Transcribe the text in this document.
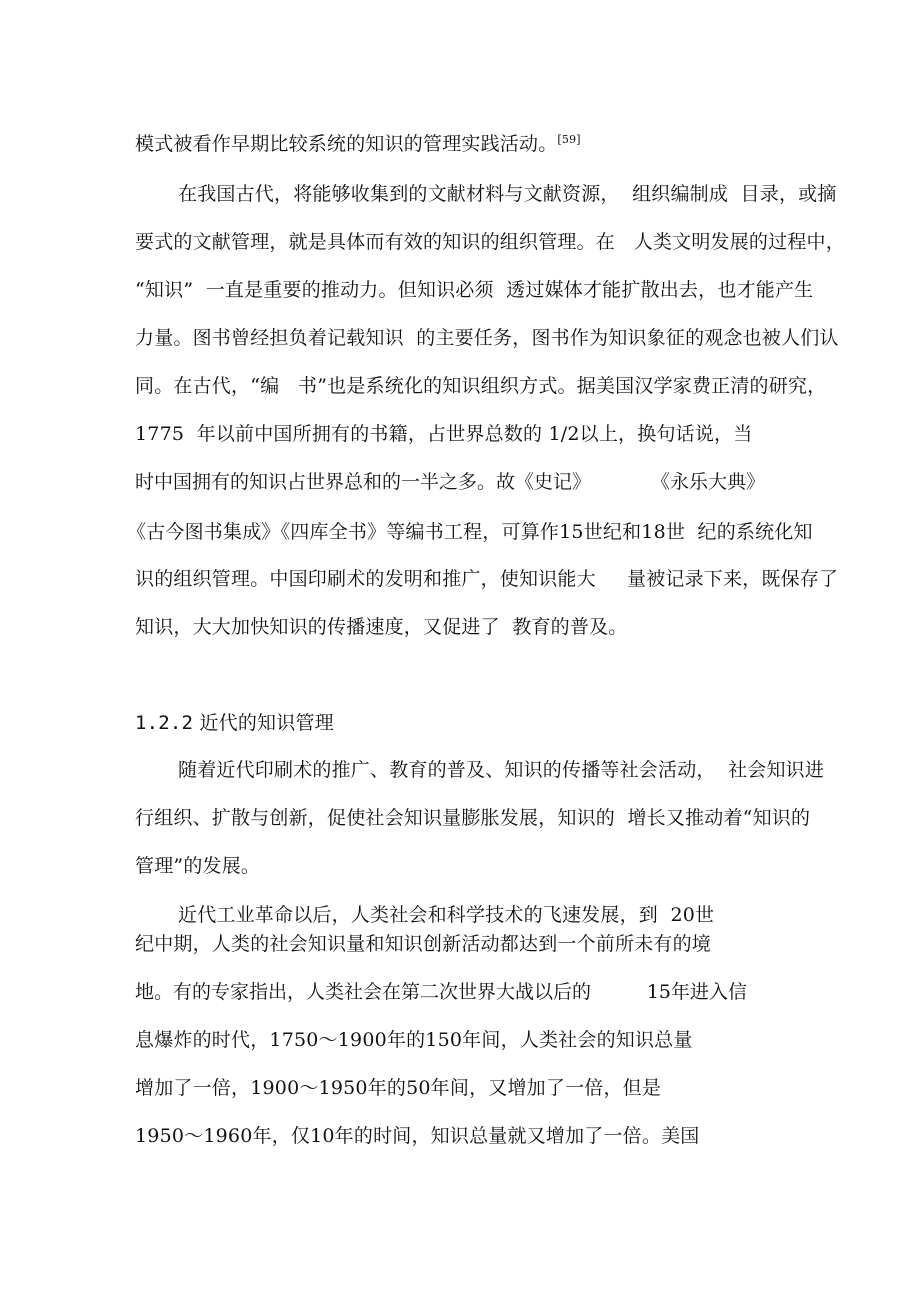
模式被看作早期比较系统的知识的管理实践活动。[59]
在我国古代，将能够收集到的文献材料与文献资源，  组织编制成  目录，或摘
要式的文献管理，就是具体而有效的知识的组织管理。在   人类文明发展的过程中，
“知识”  一直是重要的推动力。但知识必须  透过媒体才能扩散出去，也才能产生
力量。图书曾经担负着记载知识  的主要任务，图书作为知识象征的观念也被人们认
同。在古代，“编   书”也是系统化的知识组织方式。据美国汉学家费正清的研究，
1775  年以前中国所拥有的书籍，占世界总数的 1/2以上，换句话说，当
时中国拥有的知识占世界总和的一半之多。故《史记》	《永乐大典》
《古今图书集成》《四库全书》等编书工程，可算作15世纪和18世  纪的系统化知
识的组织管理。中国印刷术的发明和推广，使知识能大     量被记录下来，既保存了
知识，大大加快知识的传播速度，又促进了  教育的普及。
1.2.2 近代的知识管理
随着近代印刷术的推广、教育的普及、知识的传播等社会活动，  社会知识进
行组织、扩散与创新，促使社会知识量膨胀发展，知识的  增长又推动着“知识的
管理”的发展。
近代工业革命以后，人类社会和科学技术的飞速发展，到  20世
纪中期，人类的社会知识量和知识创新活动都达到一个前所未有的境
地。有的专家指出，人类社会在第二次世界大战以后的	15年进入信
息爆炸的时代，1750～1900年的150年间，人类社会的知识总量
增加了一倍，1900～1950年的50年间，又增加了一倍，但是
1950～1960年，仅10年的时间，知识总量就又增加了一倍。美国
